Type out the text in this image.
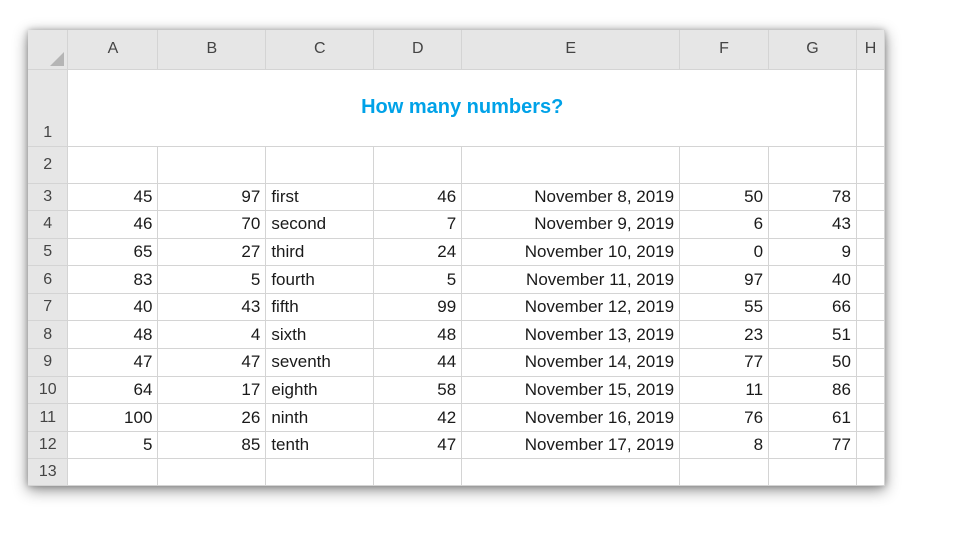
	A	B	C	D	E	F	G	H
1	How many numbers?							
2								
3	45	97	first	46	November 8, 2019	50	78	
4	46	70	second	7	November 9, 2019	6	43	
5	65	27	third	24	November 10, 2019	0	9	
6	83	5	fourth	5	November 11, 2019	97	40	
7	40	43	fifth	99	November 12, 2019	55	66	
8	48	4	sixth	48	November 13, 2019	23	51	
9	47	47	seventh	44	November 14, 2019	77	50	
10	64	17	eighth	58	November 15, 2019	11	86	
11	100	26	ninth	42	November 16, 2019	76	61	
12	5	85	tenth	47	November 17, 2019	8	77	
13								
